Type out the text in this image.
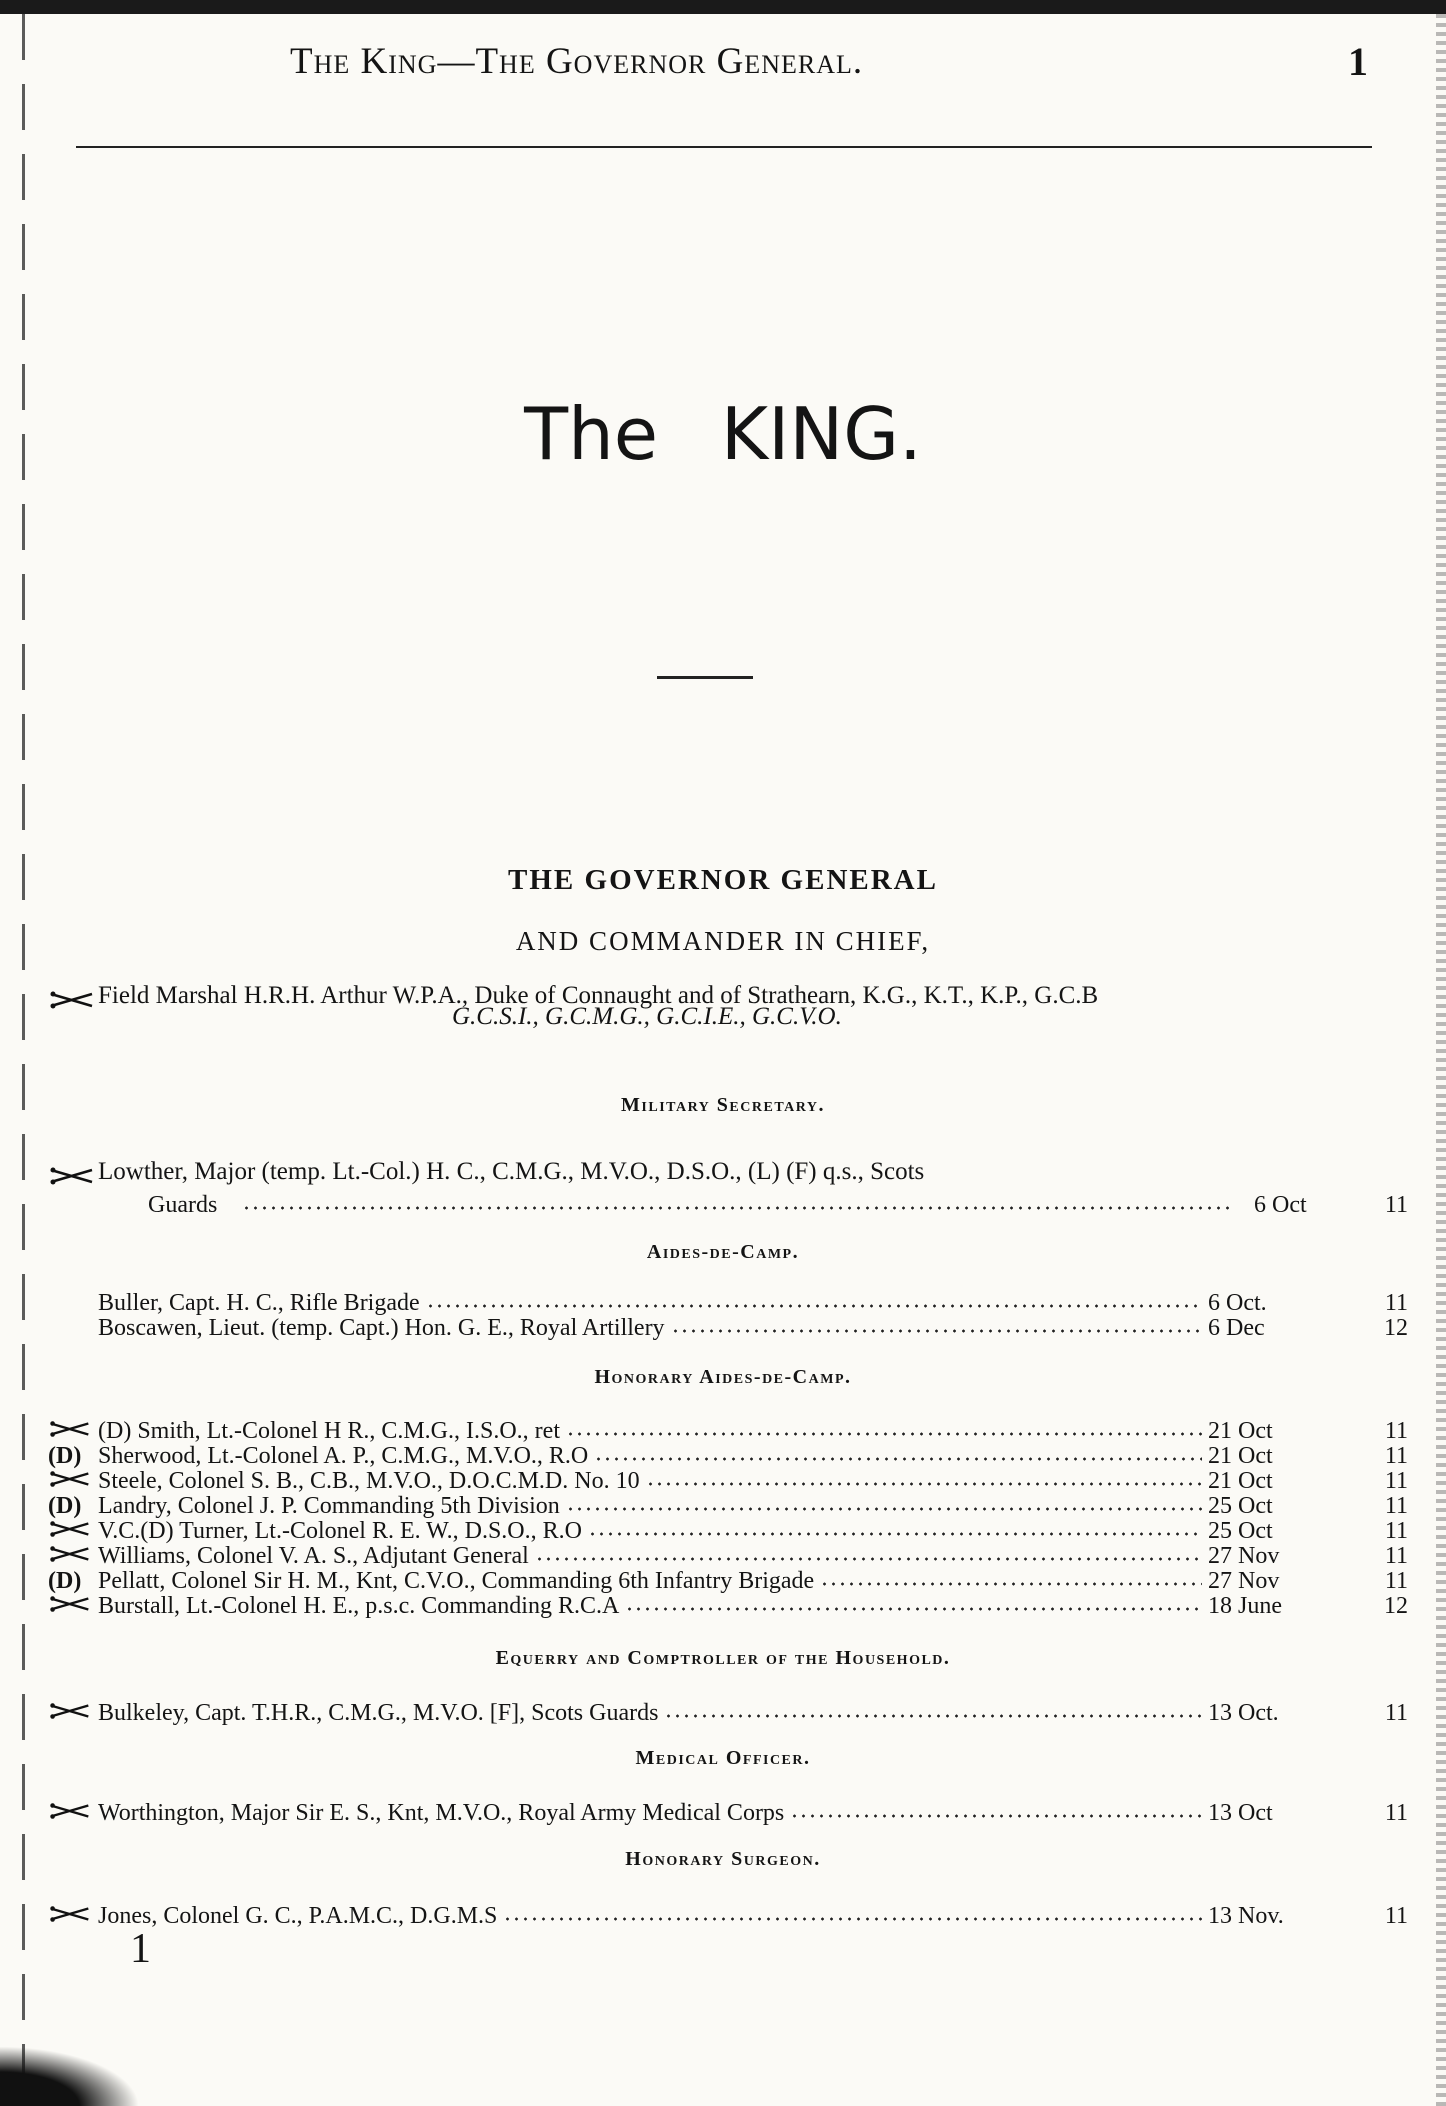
The King—The Governor General.	1
The KING.
THE GOVERNOR GENERAL
AND COMMANDER IN CHIEF,
Field Marshal H.R.H. Arthur W.P.A., Duke of Connaught and of Strathearn, K.G., K.T., K.P., G.C.B
G.C.S.I., G.C.M.G., G.C.I.E., G.C.V.O.
Military Secretary.
Lowther, Major (temp. Lt.-Col.) H. C., C.M.G., M.V.O., D.S.O., (L) (F) q.s., Scots
Guards	6 Oct	11
Aides-de-Camp.
Buller, Capt. H. C., Rifle Brigade	6 Oct.	11
Boscawen, Lieut. (temp. Capt.) Hon. G. E., Royal Artillery	6 Dec	12
Honorary Aides-de-Camp.
(D) Smith, Lt.-Colonel H R., C.M.G., I.S.O., ret	21 Oct	11
(D) Sherwood, Lt.-Colonel A. P., C.M.G., M.V.O., R.O	21 Oct	11
Steele, Colonel S. B., C.B., M.V.O., D.O.C.M.D. No. 10	21 Oct	11
(D) Landry, Colonel J. P. Commanding 5th Division	25 Oct	11
V.C.(D) Turner, Lt.-Colonel R. E. W., D.S.O., R.O	25 Oct	11
Williams, Colonel V. A. S., Adjutant General	27 Nov	11
(D) Pellatt, Colonel Sir H. M., Knt, C.V.O., Commanding 6th Infantry Brigade	27 Nov	11
Burstall, Lt.-Colonel H. E., p.s.c. Commanding R.C.A	18 June	12
Equerry and Comptroller of the Household.
Bulkeley, Capt. T.H.R., C.M.G., M.V.O. [F], Scots Guards	13 Oct.	11
Medical Officer.
Worthington, Major Sir E. S., Knt, M.V.O., Royal Army Medical Corps	13 Oct	11
Honorary Surgeon.
Jones, Colonel G. C., P.A.M.C., D.G.M.S	13 Nov.	11
1
